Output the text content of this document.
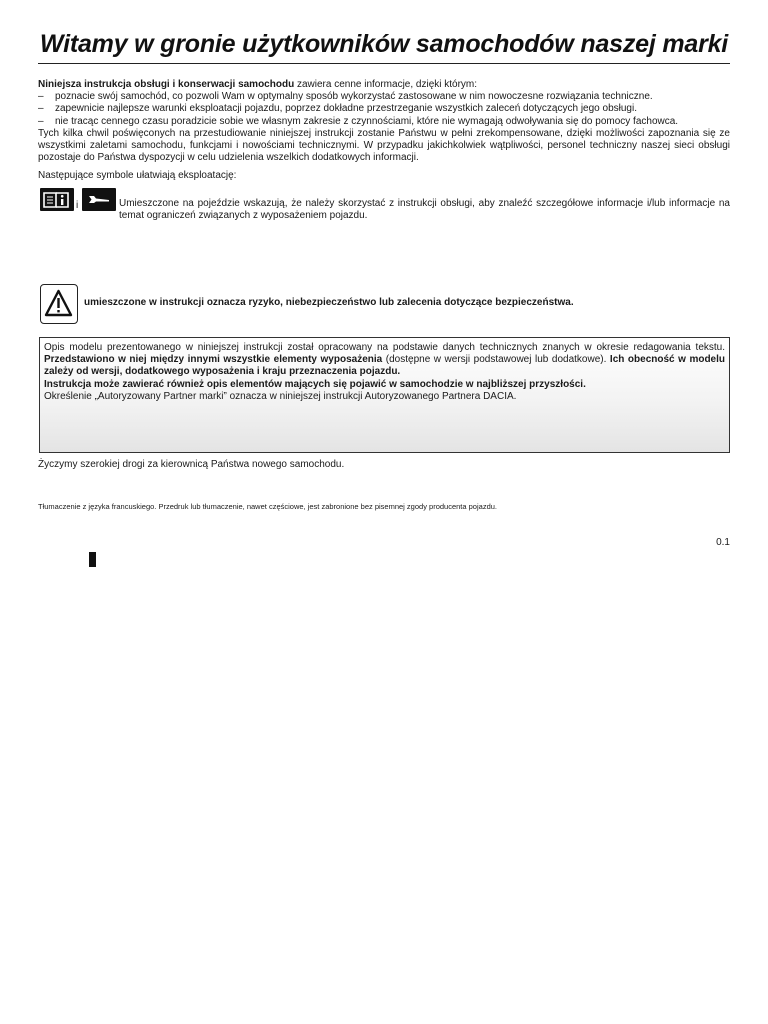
Witamy w gronie użytkowników samochodów naszej marki

Niniejsza instrukcja obsługi i konserwacji samochodu zawiera cenne informacje, dzięki którym:

– poznacie swój samochód, co pozwoli Wam w optymalny sposób wykorzystać zastosowane w nim nowoczesne rozwiązania techniczne.
– zapewnicie najlepsze warunki eksploatacji pojazdu, poprzez dokładne przestrzeganie wszystkich zaleceń dotyczących jego obsługi.
– nie tracąc cennego czasu poradzicie sobie we własnym zakresie z czynnościami, które nie wymagają odwoływania się do pomocy fachowca.

Tych kilka chwil poświęconych na przestudiowanie niniejszej instrukcji zostanie Państwu w pełni zrekompensowane, dzięki możliwości zapoznania się ze wszystkimi zaletami samochodu, funkcjami i nowościami technicznymi. W przypadku jakichkolwiek wątpliwości, personel techniczny naszej sieci obsługi pozostaje do Państwa dyspozycji w celu udzielenia wszelkich dodatkowych informacji.

Następujące symbole ułatwiają eksploatację:
i	Umieszczone na pojeździe wskazują, że należy skorzystać z instrukcji obsługi, aby znaleźć szczegółowe informacje i/lub informacje na temat ograniczeń związanych z wyposażeniem pojazdu.
umieszczone w instrukcji oznacza ryzyko, niebezpieczeństwo lub zalecenia dotyczące bezpieczeństwa.

Opis modelu prezentowanego w niniejszej instrukcji został opracowany na podstawie danych technicznych znanych w okresie redagowania tekstu. Przedstawiono w niej między innymi wszystkie elementy wyposażenia (dostępne w wersji podstawowej lub dodatkowe). Ich obecność w modelu zależy od wersji, dodatkowego wyposażenia i kraju przeznaczenia pojazdu.

Instrukcja może zawierać również opis elementów mających się pojawić w samochodzie w najbliższej przyszłości.

Określenie „Autoryzowany Partner marki” oznacza w niniejszej instrukcji Autoryzowanego Partnera DACIA.

Życzymy szerokiej drogi za kierownicą Państwa nowego samochodu.
Tłumaczenie z języka francuskiego. Przedruk lub tłumaczenie, nawet częściowe, jest zabronione bez pisemnej zgody producenta pojazdu.
0.1
